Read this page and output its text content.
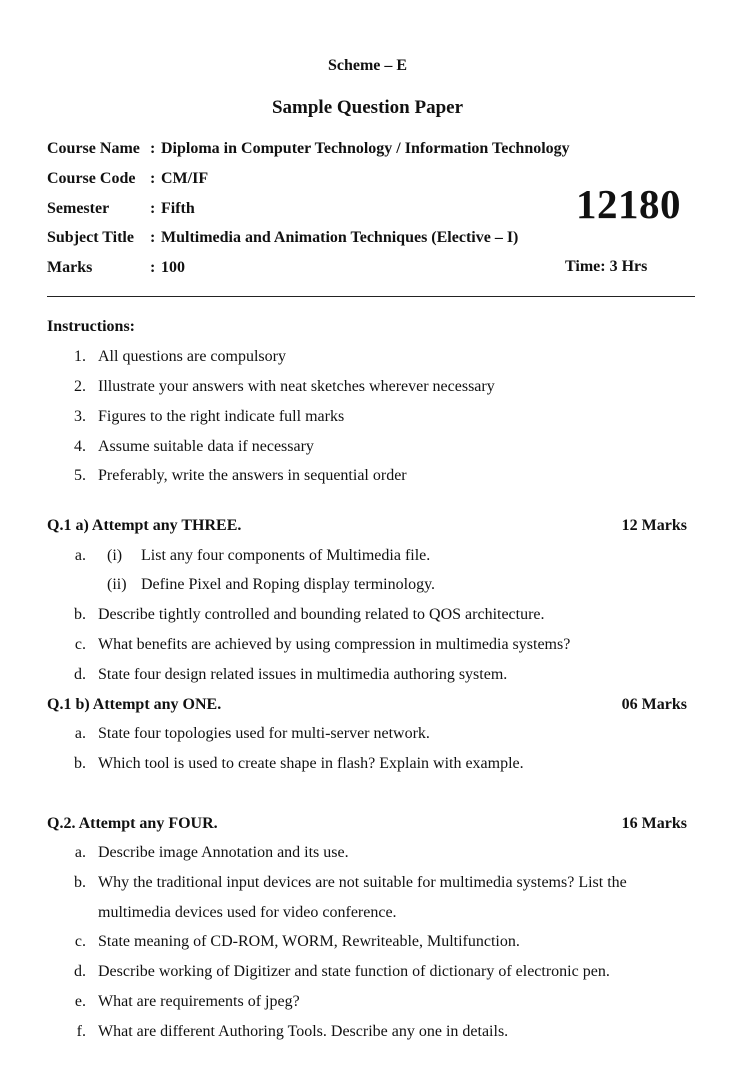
Scheme – E
Sample Question Paper
Course Name : Diploma in Computer Technology / Information Technology
Course Code : CM/IF
Semester	: Fifth
Subject Title : Multimedia and Animation Techniques (Elective – I)
Marks	: 100
12180
Time: 3 Hrs
Instructions:
1. All questions are compulsory
2. Illustrate your answers with neat sketches wherever necessary
3. Figures to the right indicate full marks
4. Assume suitable data if necessary
5. Preferably, write the answers in sequential order
Q.1 a) Attempt any THREE.	12 Marks
a. (i) List any four components of Multimedia file.
(ii) Define Pixel and Roping display terminology.
b. Describe tightly controlled and bounding related to QOS architecture.
c. What benefits are achieved by using compression in multimedia systems?
d. State four design related issues in multimedia authoring system.
Q.1 b) Attempt any ONE.	06 Marks
a. State four topologies used for multi-server network.
b. Which tool is used to create shape in flash? Explain with example.
Q.2. Attempt any FOUR.	16 Marks
a. Describe image Annotation and its use.
b. Why the traditional input devices are not suitable for multimedia systems? List the
multimedia devices used for video conference.
c. State meaning of CD-ROM, WORM, Rewriteable, Multifunction.
d. Describe working of Digitizer and state function of dictionary of electronic pen.
e. What are requirements of jpeg?
f. What are different Authoring Tools. Describe any one in details.
